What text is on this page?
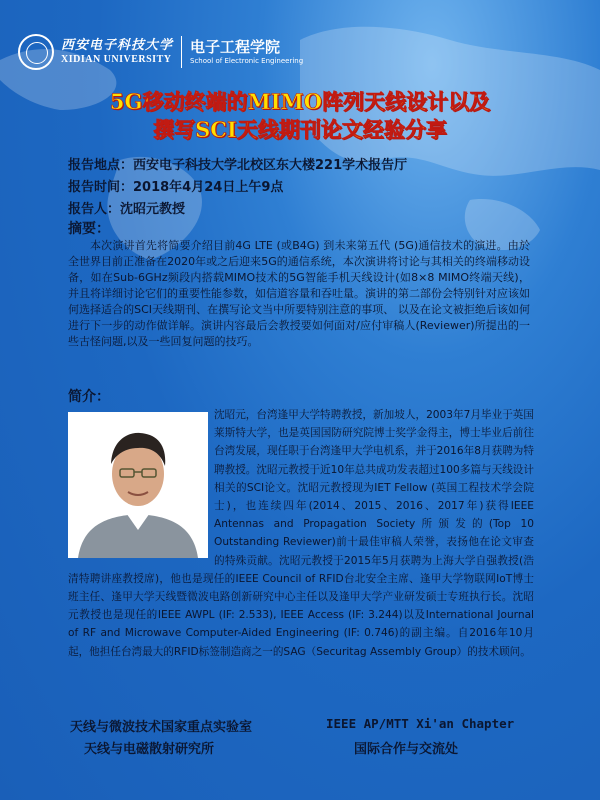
西安电子科技大学
XIDIAN UNIVERSITY
电子工程学院
School of Electronic Engineering
5G移动终端的MIMO阵列天线设计以及
撰写SCI天线期刊论文经验分享
报告地点：西安电子科技大学北校区东大楼221学术报告厅
报告时间：2018年4月24日上午9点
报告人：沈昭元教授
摘要：

本次演讲首先将简要介绍目前4G LTE (或B4G) 到未来第五代 (5G)通信技术的演进。由於全世界目前正准备在2020年或之后迎来5G的通信系统，本次演讲将讨论与其相关的终端移动设备，如在Sub-6GHz频段内搭载MIMO技术的5G智能手机天线设计(如8×8 MIMO终端天线)，并且将详细讨论它们的重要性能参数，如信道容量和吞吐量。演讲的第二部份会特别针对应该如何选择适合的SCI天线期刊、在撰写论文当中所要特别注意的事项、 以及在论文被拒绝后该如何进行下一步的动作做详解。演讲内容最后会教授要如何面对/应付审稿人(Reviewer)所提出的一些古怪问题,以及一些回复问题的技巧。

简介：

沈昭元，台湾逢甲大学特聘教授，新加坡人，2003年7月毕业于英国莱斯特大学，也是英国国防研究院博士奖学金得主，博士毕业后前往台湾发展，现任职于台湾逢甲大学电机系，并于2016年8月获聘为特聘教授。沈昭元教授于近10年总共成功发表超过100多篇与天线设计相关的SCI论文。沈昭元教授现为IET Fellow (英国工程技术学会院士)，也连续四年(2014、2015、2016、2017年)获得IEEE Antennas and Propagation Society所颁发的(Top 10 Outstanding Reviewer)前十最佳审稿人荣誉，表扬他在论文审查的特殊贡献。沈昭元教授于2015年5月获聘为上海大学自强教授(浩清特聘讲座教授席)，他也是现任的IEEE Council of RFID台北安全主席、逢甲大学物联网IoT博士班主任、逢甲大学天线暨微波电路创新研究中心主任以及逢甲大学产业研发硕士专班执行长。沈昭元教授也是现任的IEEE AWPL (IF: 2.533), IEEE Access (IF: 3.244)以及International Journal of RF and Microwave Computer-Aided Engineering (IF: 0.746)的副主编。自2016年10月起，他担任台湾最大的RFID标签制造商之一的SAG（Securitag Assembly Group）的技术顾问。

天线与微波技术国家重点实验室
天线与电磁散射研究所
IEEE AP/MTT Xi'an Chapter
国际合作与交流处
